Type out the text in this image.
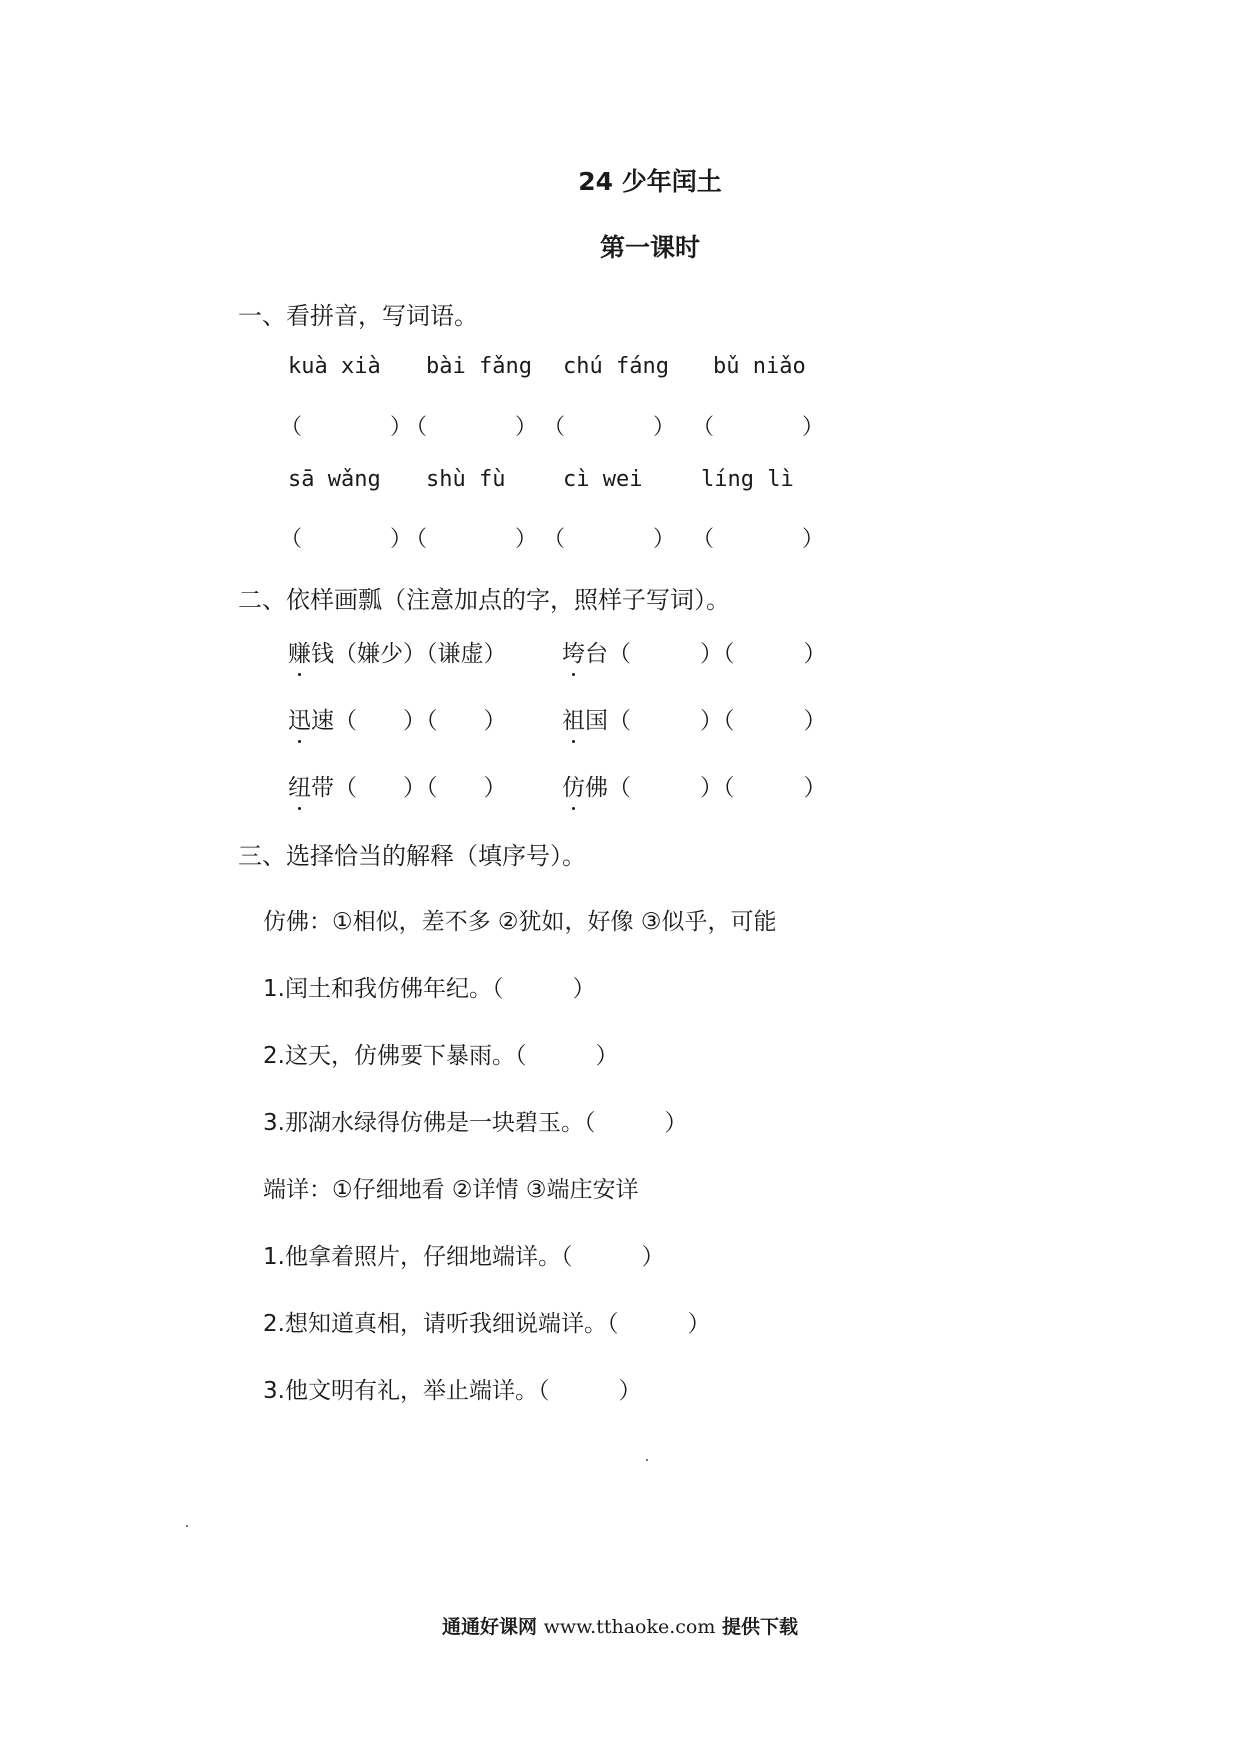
24 少年闰土
第一课时
一、看拼音，写词语。
kuà xià bài fǎng chú fáng bǔ niǎo
（　　　　）
（　　　　） （　　　　） （　　　　）
sā wǎng shù fù	cì wei	líng lì
（　　　　）
（　　　　） （　　　　） （　　　　）
二、依样画瓢（注意加点的字，照样子写词）。
赚钱（嫌少）（谦虚） 垮台（　　　）（　　　）
迅速（　　）（　　） 祖国（　　　）（　　　）
纽带（　　）（　　） 仿佛（　　　）（　　　）
三、选择恰当的解释（填序号）。
仿佛：①相似，差不多 ②犹如，好像 ③似乎，可能
1.闰土和我仿佛年纪。（　　　）
2.这天，仿佛要下暴雨。（　　　）
3.那湖水绿得仿佛是一块碧玉。（　　　）
端详：①仔细地看 ②详情 ③端庄安详
1.他拿着照片，仔细地端详。（　　　）
2.想知道真相，请听我细说端详。（　　　）
3.他文明有礼，举止端详。（　　　）
通通好课网 www.tthaoke.com 提供下载
